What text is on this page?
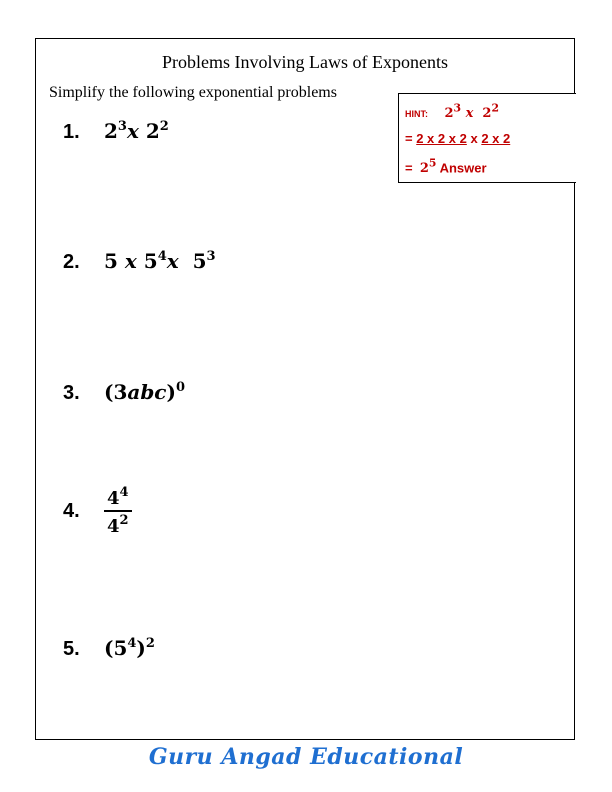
Problems Involving Laws of Exponents
Simplify the following exponential problems
HINT: $2^3$ x $2^2$
= 2 x 2 x 2 x 2 x 2
= $2^5$ Answer
1. $2^3x$ $2^2$
2. 5 x $5^4x$ $5^3$
3. $(3abc)^0$
4. $\frac{4^4}{4^2}$
5. $(5^4)^2$
Guru Angad Educational
